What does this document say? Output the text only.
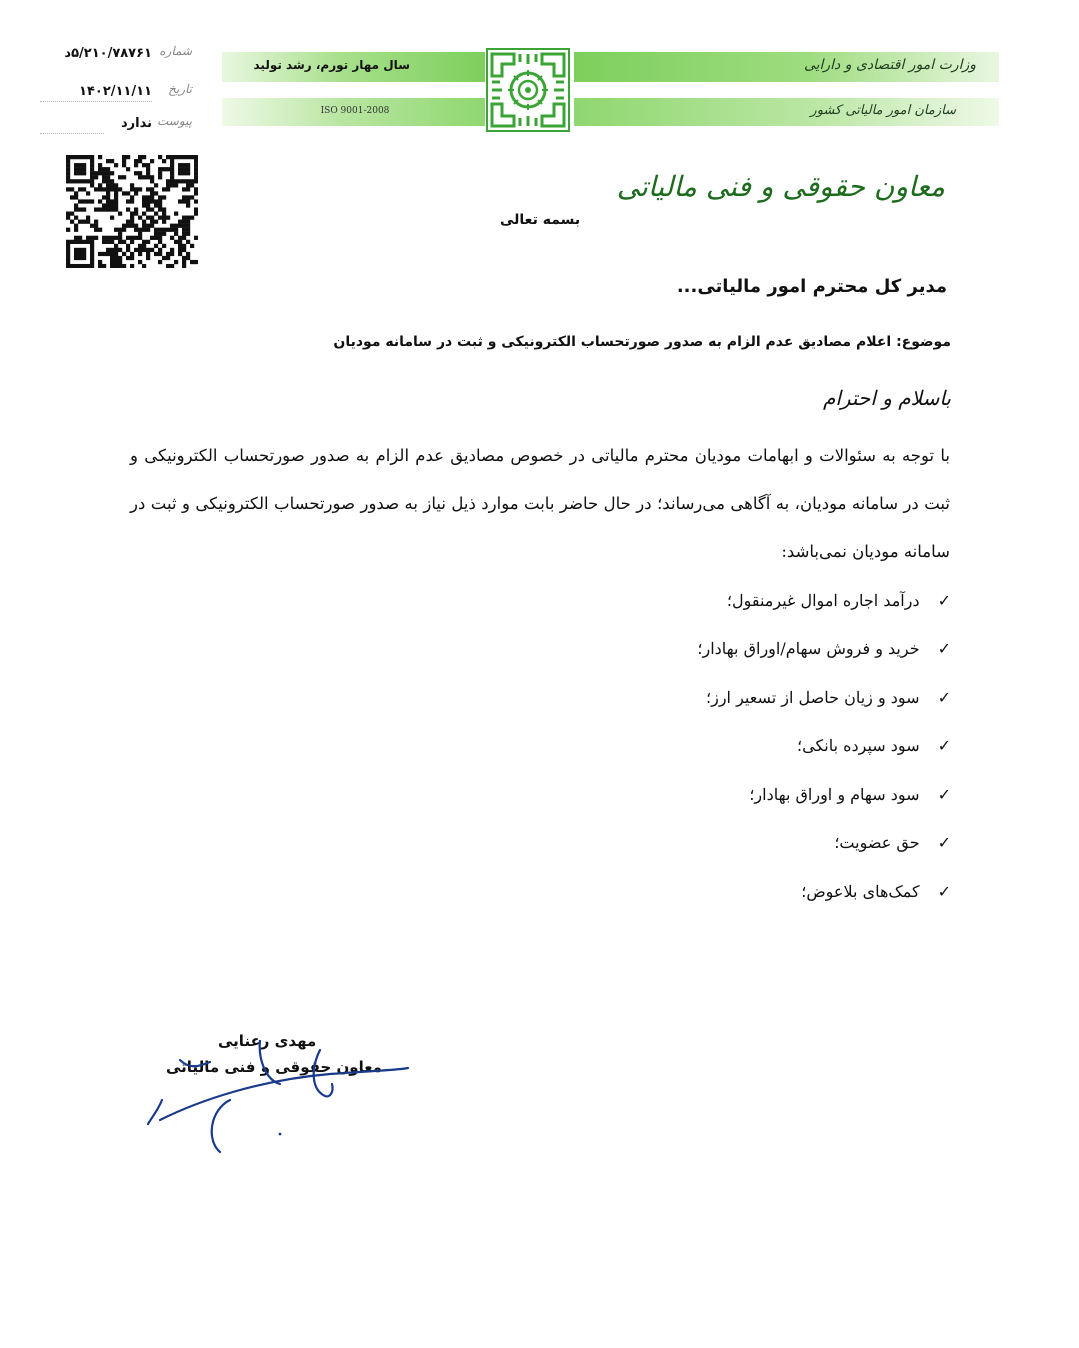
سال مهار تورم، رشد تولید
ISO 9001-2008
وزارت امور اقتصادی و دارایی
سازمان امور مالیاتی کشور
شماره
۵/۲۱۰/۷۸۷۶۱د
تاریخ
۱۴۰۲/۱۱/۱۱
پیوست
ندارد
معاون حقوقی و فنی مالیاتی
بسمه تعالی
مدیر کل محترم امور مالیاتی...
موضوع: اعلام مصادیق عدم الزام به صدور صورتحساب الکترونیکی و ثبت در سامانه مودیان
باسلام و احترام
با توجه به سئوالات و ابهامات مودیان محترم مالیاتی در خصوص مصادیق عدم الزام به صدور صورتحساب الکترونیکی و ثبت در سامانه مودیان، به آگاهی می‌رساند؛ در حال حاضر بابت موارد ذیل نیاز به صدور صورتحساب الکترونیکی و ثبت در سامانه مودیان نمی‌باشد:
✓
درآمد اجاره اموال غیرمنقول؛
✓
خرید و فروش سهام/اوراق بهادار؛
✓
سود و زیان حاصل از تسعیر ارز؛
✓
سود سپرده بانکی؛
✓
سود سهام و اوراق بهادار؛
✓
حق عضویت؛
✓
کمک‌های بلاعوض؛
مهدی رعنایی
معاون حقوقی و فنی مالیاتی
